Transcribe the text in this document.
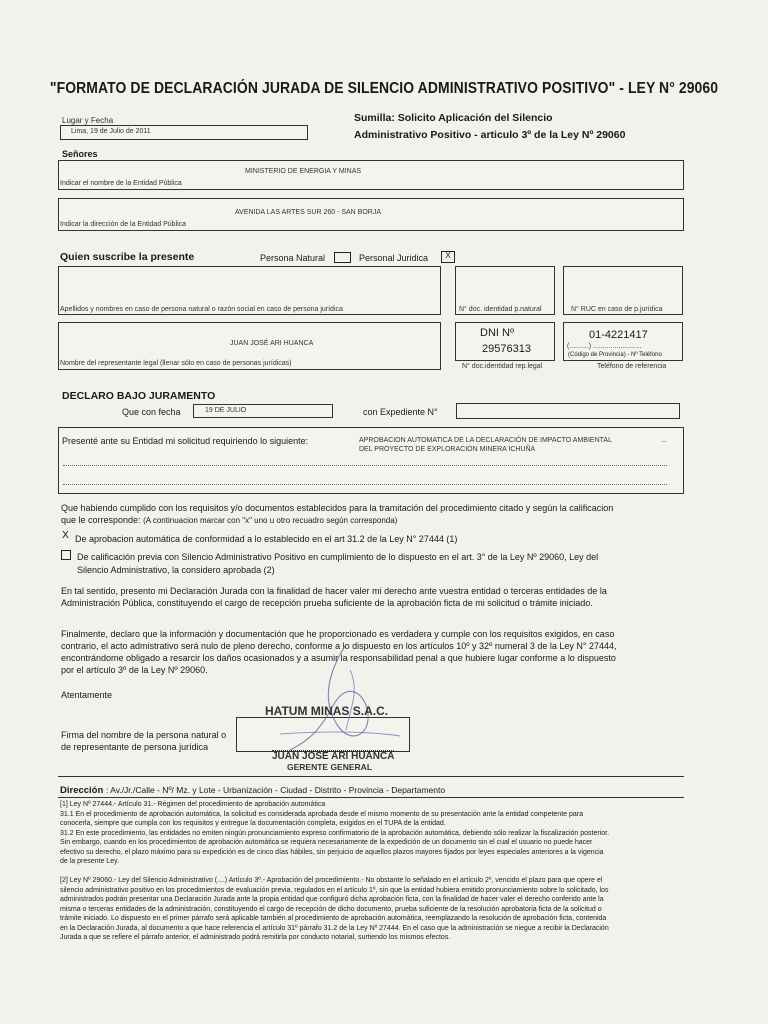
"FORMATO DE DECLARACIÓN JURADA DE SILENCIO ADMINISTRATIVO POSITIVO" - LEY N° 29060
Lugar y Fecha
Lima, 19 de Julio de 2011
Sumilla: Solicito Aplicación del Silencio
Administrativo Positivo - articulo 3º de la Ley Nº 29060
Señores
MINISTERIO DE ENERGIA Y MINAS
Indicar el nombre de la Entidad Pública
AVENIDA LAS ARTES SUR 260 - SAN BORJA
Indicar la dirección de la Entidad Pública
Quien suscribe la presente	Persona Natural	Personal Juridica	X
Apellidos y nombres en caso de persona natural o razón social en caso de persona jurídica	N° doc. identidad p.natural	N° RUC en caso de p.jurídica
JUAN JOSÉ ARI HUANCA
Nombre del representante legal (llenar sólo en caso de personas jurídicas)
DNI Nº
29576313
N° doc.identidad rep.legal
01-4221417
(..........) .........................
(Código de Provincia) - Nº Teléfono
Teléfono de referencia
DECLARO BAJO JURAMENTO
Que con fecha	19 DE JULIO	con Expediente N°
Presenté ante su Entidad mi solicitud requiriendo lo siguiente:	APROBACION AUTOMATICA DE LA DECLARACIÓN DE IMPACTO AMBIENTAL	...
DEL PROYECTO DE EXPLORACIÓN MINERA ICHUÑA
Que habiendo cumplido con los requisitos y/o documentos establecidos para la tramitación del procedimiento citado y según la calificacion
que le corresponde: (A continuacion marcar con "x" uno u otro recuadro según corresponda)
X De aprobacion automática de conformidad a lo establecido en el art 31.2 de la Ley N° 27444 (1)
De calificación previa con Silencio Administrativo Positivo en cumplimiento de lo dispuesto en el art. 3° de la Ley Nº 29060, Ley del
Silencio Administrativo, la considero aprobada (2)
En tal sentido, presento mi Declaración Jurada con la finalidad de hacer valer mi derecho ante vuestra entidad o terceras entidades de la
Administración Pública, constituyendo el cargo de recepción prueba suficiente de la aprobación ficta de mi solicitud o trámite iniciado.
Finalmente, declaro que la información y documentación que he proporcionado es verdadera y cumple con los requisitos exigidos, en caso
contrario, el acto admistrativo será nulo de pleno derecho, conforme a lo dispuesto en los artículos 10º y 32º numeral 3 de la Ley N° 27444,
encontrándome obligado a resarcir los daños ocasionados y a asumir la responsabilidad penal a que hubiere lugar conforme a lo dispuesto
por el artículo 3º de la Ley Nº 29060.
Atentamente
Firma del nombre de la persona natural o
de representante de persona jurídica
HATUM MINAS S.A.C.
JUAN JOSE ARI HUANCA
GERENTE GENERAL
Dirección : Av./Jr./Calle - Nº/ Mz. y Lote - Urbanización - Ciudad - Distrito - Provincia - Departamento
[1] Ley Nº 27444.- Artículo 31.- Régimen del procedimiento de aprobación automática
31.1 En el procedimiento de aprobación automática, la solicitud es considerada aprobada desde el mismo momento de su presentación ante la entidad competente para
conocerla, siempre que cumpla con los requisitos y entregue la documentación completa, exigidos en el TUPA de la entidad.
31.2 En este procedimiento, las entidades no emiten ningún pronunciamiento expreso confirmatorio de la aprobación automática, debiendo sólo realizar la fiscalización posterior.
Sin embargo, cuando en los procedimientos de aprobación automática se requiera necesariamente de la expedición de un documento sin el cual el usuario no puede hacer
efectivo su derecho, el plazo máximo para su expedición es de cinco días hábiles, sin perjuicio de aquellos plazos mayores fijados por leyes especiales anteriores a la vigencia
de la presente Ley.
[2] Ley Nº 29060.- Ley del Silencio Administrativo (....) Artículo 3º.- Aprobación del procedimiento.- No obstante lo señalado en el artículo 2º, vencido el plazo para que opere el
silencio administrativo positivo en los procedimientos de evaluación previa, regulados en el artículo 1º, sin que la entidad hubiera emitido pronunciamiento sobre lo solicitado, los
administrados podrán presentar una Declaración Jurada ante la propia entidad que configuró dicha aprobación ficta, con la finalidad de hacer valer el derecho conferido ante la
misma o terceras entidades de la administración, constituyendo el cargo de recepción de dicho documento, prueba suficiente de la resolución aprobatoria ficta de la solicitud o
trámite iniciado. Lo dispuesto en el primer párrafo será aplicable también al procedimiento de aprobación automática, reemplazando la resolución de aprobación ficta, contenida
en la Declaración Jurada, al documento a que hace referencia el artículo 31º párrafo 31.2 de la Ley Nº 27444. En el caso que la administración se niegue a recibir la Declaración
Jurada a que se refiere el párrafo anterior, el administrado podrá remitirla por conducto notarial, surtiendo los mismos efectos.
